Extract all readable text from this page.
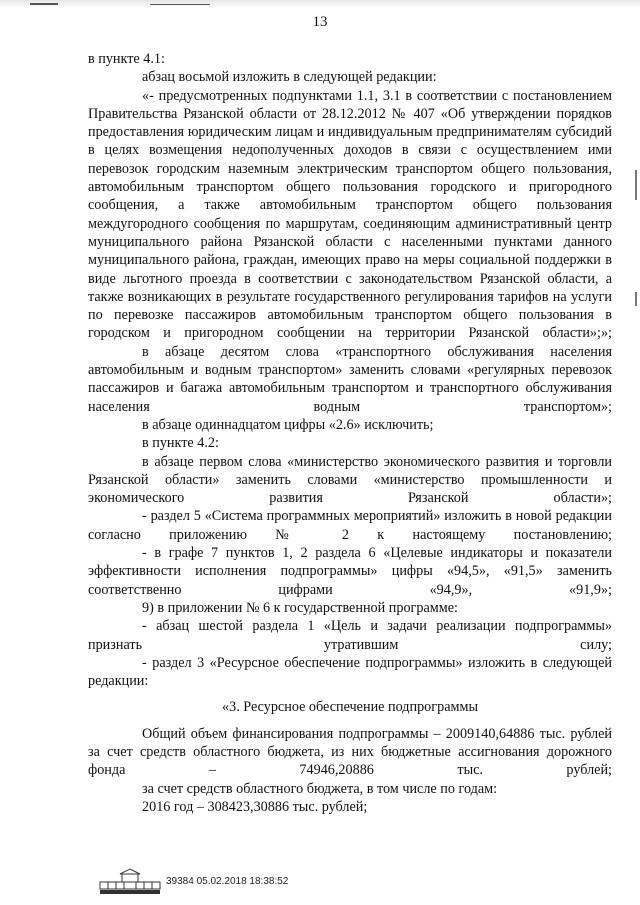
13

в пункте 4.1:

абзац восьмой изложить в следующей редакции:

«- предусмотренных подпунктами 1.1, 3.1 в соответствии с постановлением Правительства Рязанской области от 28.12.2012 № 407 «Об утверждении порядков предоставления юридическим лицам и индивидуальным предпринимателям субсидий в целях возмещения недополученных доходов в связи с осуществлением ими перевозок городским наземным электрическим транспортом общего пользования, автомобильным транспортом общего пользования городского и пригородного сообщения, а также автомобильным транспортом общего пользования междугородного сообщения по маршрутам, соединяющим административный центр муниципального района Рязанской области с населенными пунктами данного муниципального района, граждан, имеющих право на меры социальной поддержки в виде льготного проезда в соответствии с законодательством Рязанской области, а также возникающих в результате государственного регулирования тарифов на услуги по перевозке пассажиров автомобильным транспортом общего пользования в городском и пригородном сообщении на территории Рязанской области»;»;

в абзаце десятом слова «транспортного обслуживания населения автомобильным и водным транспортом» заменить словами «регулярных перевозок пассажиров и багажа автомобильным транспортом и транспортного обслуживания населения водным транспортом»;

в абзаце одиннадцатом цифры «2.6» исключить;

в пункте 4.2:

в абзаце первом слова «министерство экономического развития и торговли Рязанской области» заменить словами «министерство промышленности и экономического развития Рязанской области»;

- раздел 5 «Система программных мероприятий» изложить в новой редакции согласно приложению № 2 к настоящему постановлению;

- в графе 7 пунктов 1, 2 раздела 6 «Целевые индикаторы и показатели эффективности исполнения подпрограммы» цифры «94,5», «91,5» заменить соответственно цифрами «94,9», «91,9»;

9) в приложении № 6 к государственной программе:

- абзац шестой раздела 1 «Цель и задачи реализации подпрограммы» признать утратившим силу;

- раздел 3 «Ресурсное обеспечение подпрограммы» изложить в следующей редакции:

«3. Ресурсное обеспечение подпрограммы

Общий объем финансирования подпрограммы – 2009140,64886 тыс. рублей за счет средств областного бюджета, из них бюджетные ассигнования дорожного фонда – 74946,20886 тыс. рублей;

за счет средств областного бюджета, в том числе по годам:

2016 год – 308423,30886 тыс. рублей;

39384 05.02.2018 18:38:52
